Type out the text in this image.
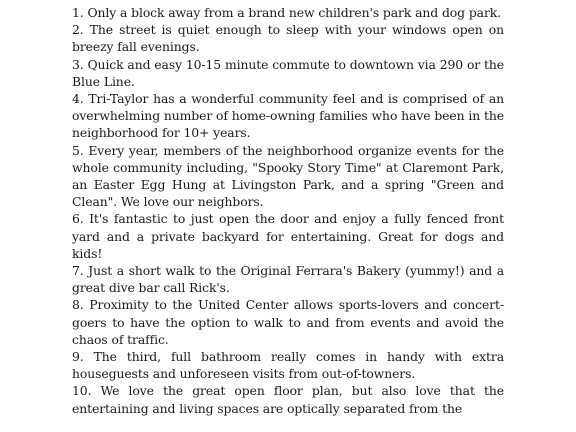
1. Only a block away from a brand new children's park and dog park.
2. The street is quiet enough to sleep with your windows open on breezy fall evenings.
3. Quick and easy 10-15 minute commute to downtown via 290 or the Blue Line.
4. Tri-Taylor has a wonderful community feel and is comprised of an overwhelming number of home-owning families who have been in the neighborhood for 10+ years.
5. Every year, members of the neighborhood organize events for the whole community including, "Spooky Story Time" at Claremont Park, an Easter Egg Hung at Livingston Park, and a spring "Green and Clean". We love our neighbors.
6. It's fantastic to just open the door and enjoy a fully fenced front yard and a private backyard for entertaining. Great for dogs and kids!
7. Just a short walk to the Original Ferrara's Bakery (yummy!) and a great dive bar call Rick's.
8. Proximity to the United Center allows sports-lovers and concert-goers to have the option to walk to and from events and avoid the chaos of traffic.
9. The third, full bathroom really comes in handy with extra houseguests and unforeseen visits from out-of-towners.
10. We love the great open floor plan, but also love that the entertaining and living spaces are optically separated from the
